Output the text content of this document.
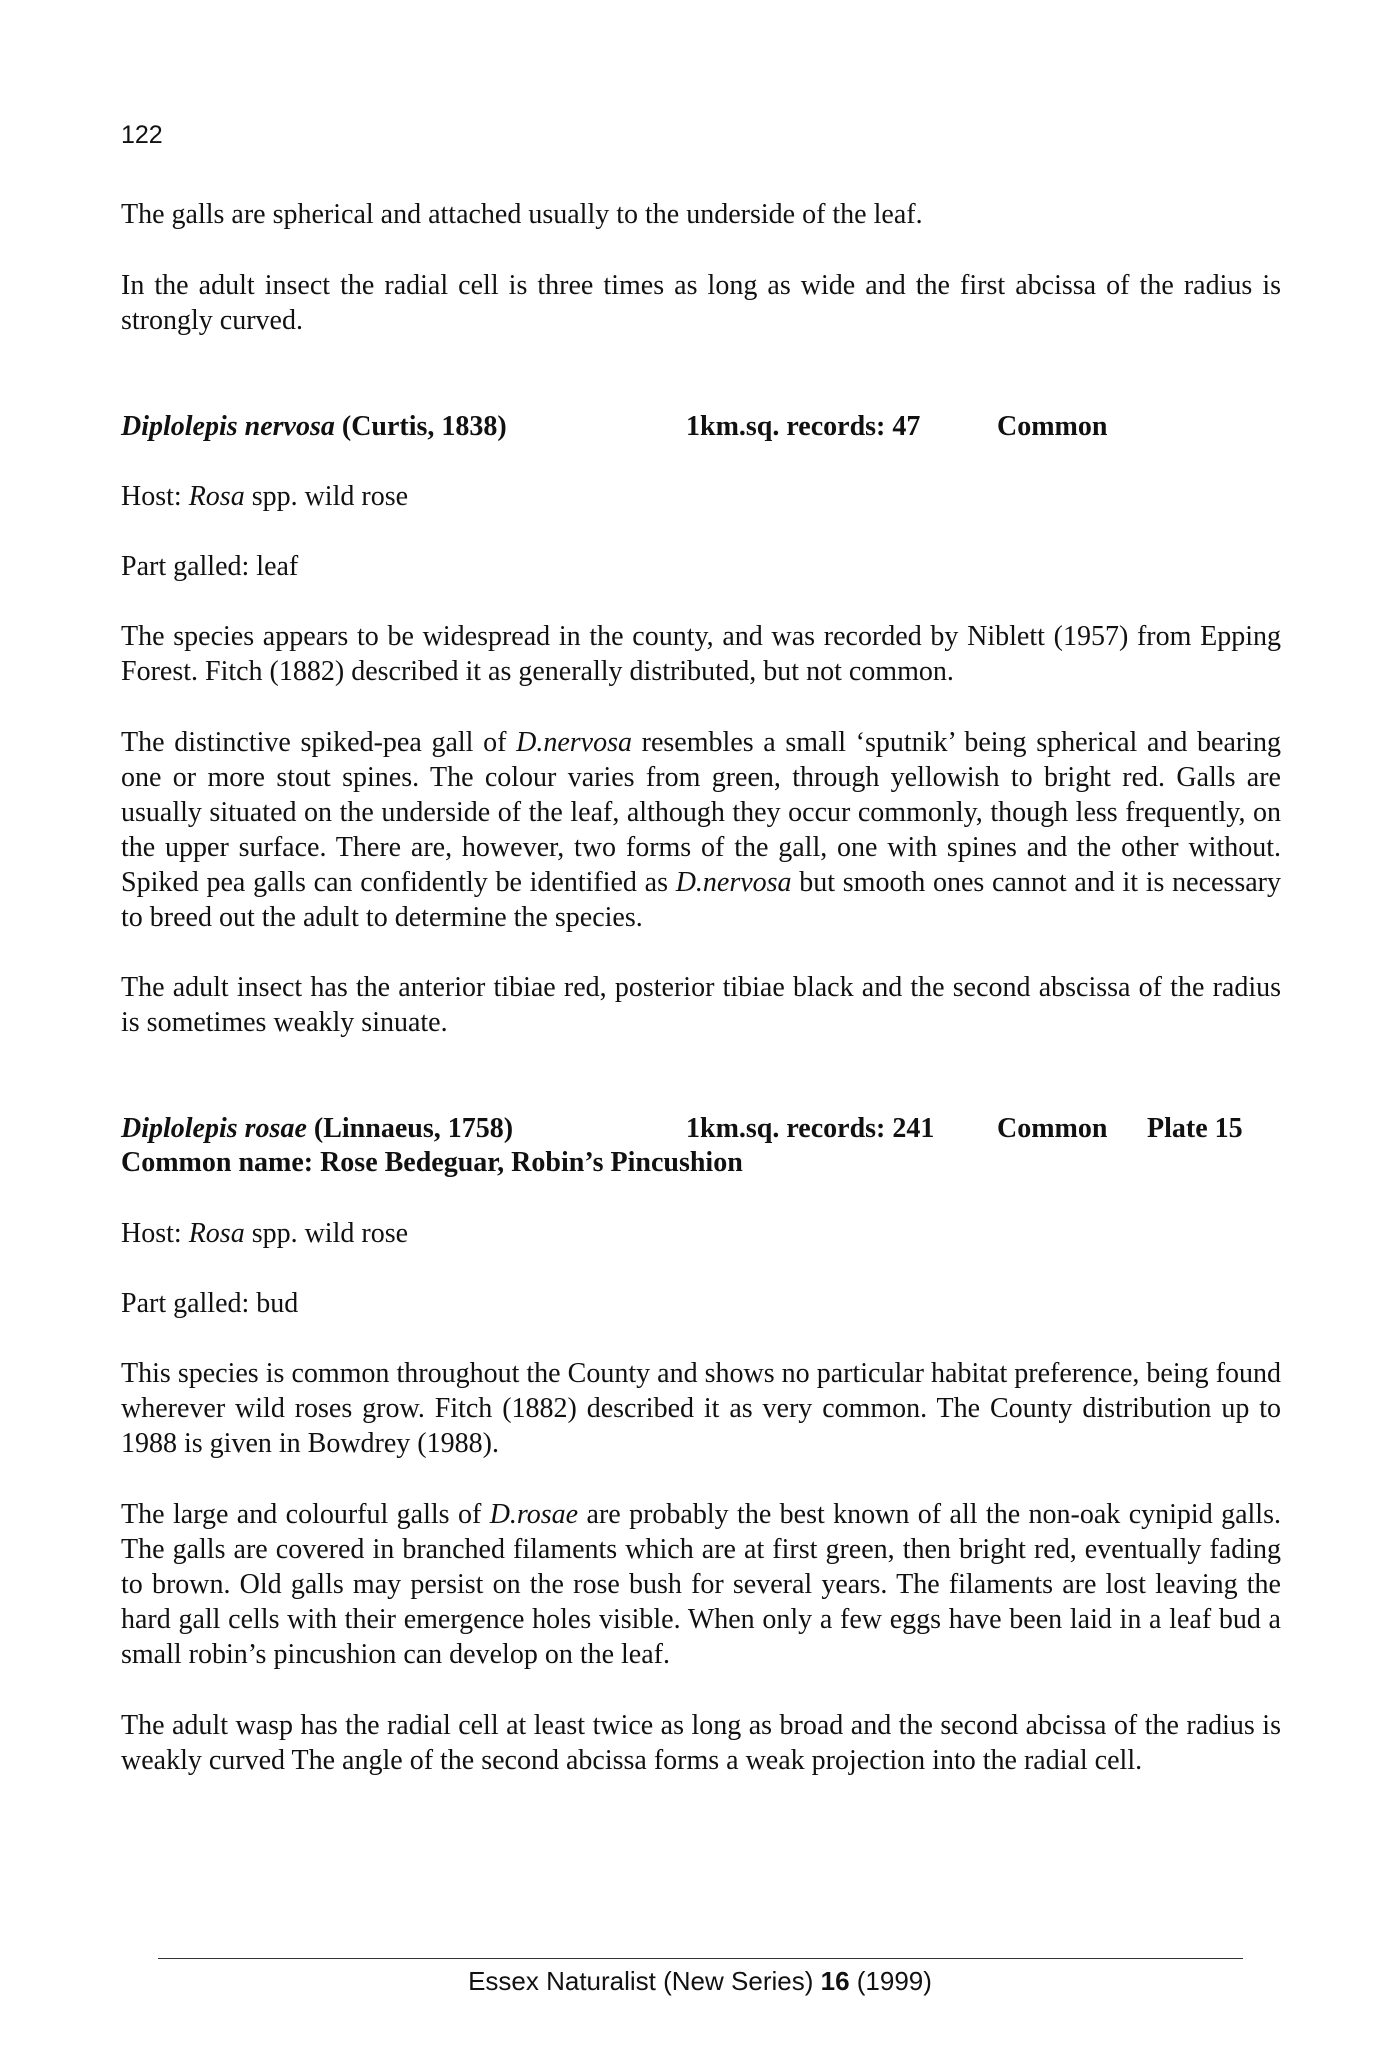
122

The galls are spherical and attached usually to the underside of the leaf.

In the adult insect the radial cell is three times as long as wide and the first abcissa of the radius is strongly curved.

Diplolepis nervosa (Curtis, 1838)	1km.sq. records: 47	Common

Host: Rosa spp. wild rose

Part galled: leaf

The species appears to be widespread in the county, and was recorded by Niblett (1957) from Epping Forest. Fitch (1882) described it as generally distributed, but not common.

The distinctive spiked-pea gall of D.nervosa resembles a small ‘sputnik’ being spherical and bearing one or more stout spines. The colour varies from green, through yellowish to bright red. Galls are usually situated on the underside of the leaf, although they occur commonly, though less frequently, on the upper surface. There are, however, two forms of the gall, one with spines and the other without. Spiked pea galls can confidently be identified as D.nervosa but smooth ones cannot and it is necessary to breed out the adult to determine the species.

The adult insect has the anterior tibiae red, posterior tibiae black and the second abscissa of the radius is sometimes weakly sinuate.

Diplolepis rosae (Linnaeus, 1758)	1km.sq. records: 241 Common Plate 15
Common name: Rose Bedeguar, Robin’s Pincushion

Host: Rosa spp. wild rose

Part galled: bud

This species is common throughout the County and shows no particular habitat preference, being found wherever wild roses grow. Fitch (1882) described it as very common. The County distribution up to 1988 is given in Bowdrey (1988).

The large and colourful galls of D.rosae are probably the best known of all the non-oak cynipid galls. The galls are covered in branched filaments which are at first green, then bright red, eventually fading to brown. Old galls may persist on the rose bush for several years. The filaments are lost leaving the hard gall cells with their emergence holes visible. When only a few eggs have been laid in a leaf bud a small robin’s pincushion can develop on the leaf.

The adult wasp has the radial cell at least twice as long as broad and the second abcissa of the radius is weakly curved The angle of the second abcissa forms a weak projection into the radial cell.

Essex Naturalist (New Series) 16 (1999)
